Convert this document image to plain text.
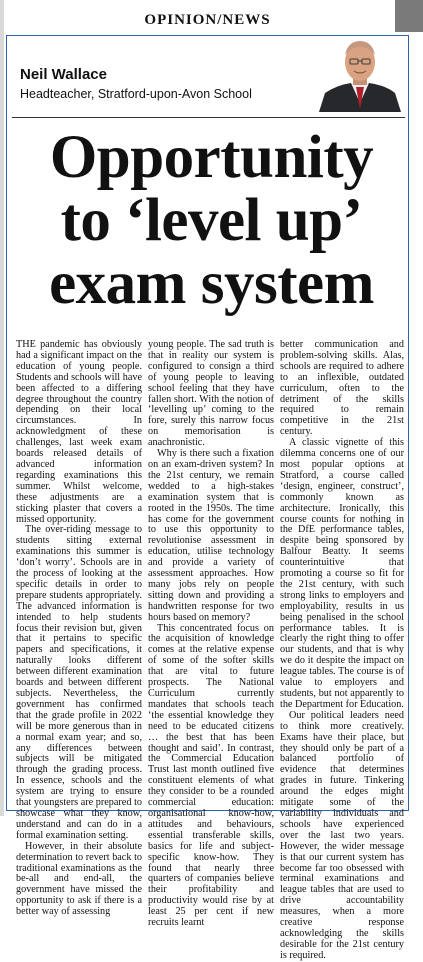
OPINION/NEWS
Neil Wallace
Headteacher, Stratford-upon-Avon School
Opportunity
to ‘level up’
exam system

THE pandemic has obviously had a significant impact on the education of young people. Students and schools will have been affected to a differing degree throughout the country depending on their local circumstances. In acknowledgment of these challenges, last week exam boards released details of advanced information regarding examinations this summer. Whilst welcome, these adjustments are a sticking plaster that covers a missed opportunity.

The over-riding message to students sitting external examinations this summer is ‘don’t worry’. Schools are in the process of looking at the specific details in order to prepare students appropriately. The advanced information is intended to help students focus their revision but, given that it pertains to specific papers and specifications, it naturally looks different between different examination boards and between different subjects. Nevertheless, the government has confirmed that the grade profile in 2022 will be more generous than in a normal exam year; and so, any differences between subjects will be mitigated through the grading process. In essence, schools and the system are trying to ensure that youngsters are prepared to showcase what they know, understand and can do in a formal examination setting.

However, in their absolute determination to revert back to traditional examinations as the be-all and end-all, the government have missed the opportunity to ask if there is a better way of assessing

young people. The sad truth is that in reality our system is configured to consign a third of young people to leaving school feeling that they have fallen short. With the notion of ‘levelling up’ coming to the fore, surely this narrow focus on memorisation is anachronistic.

Why is there such a fixation on an exam-driven system? In the 21st century, we remain wedded to a high-stakes examination system that is rooted in the 1950s. The time has come for the government to use this opportunity to revolutionise assessment in education, utilise technology and provide a variety of assessment approaches. How many jobs rely on people sitting down and providing a handwritten response for two hours based on memory?

This concentrated focus on the acquisition of knowledge comes at the relative expense of some of the softer skills that are vital to future prospects. The National Curriculum currently mandates that schools teach ‘the essential knowledge they need to be educated citizens … the best that has been thought and said’. In contrast, the Commercial Education Trust last month outlined five constituent elements of what they consider to be a rounded commercial education: organisational know-how, attitudes and behaviours, essential transferable skills, basics for life and subject-specific know-how. They found that nearly three quarters of companies believe their profitability and productivity would rise by at least 25 per cent if new recruits learnt

better communication and problem-solving skills. Alas, schools are required to adhere to an inflexible, outdated curriculum, often to the detriment of the skills required to remain competitive in the 21st century.

A classic vignette of this dilemma concerns one of our most popular options at Stratford, a course called ‘design, engineer, construct’, commonly known as architecture. Ironically, this course counts for nothing in the DfE performance tables, despite being sponsored by Balfour Beatty. It seems counterintuitive that promoting a course so fit for the 21st century, with such strong links to employers and employability, results in us being penalised in the school performance tables. It is clearly the right thing to offer our students, and that is why we do it despite the impact on league tables. The course is of value to employers and students, but not apparently to the Department for Education.

Our political leaders need to think more creatively. Exams have their place, but they should only be part of a balanced portfolio of evidence that determines grades in future. Tinkering around the edges might mitigate some of the variability individuals and schools have experienced over the last two years. However, the wider message is that our current system has become far too obsessed with terminal examinations and league tables that are used to drive accountability measures, when a more creative response acknowledging the skills desirable for the 21st century is required.
